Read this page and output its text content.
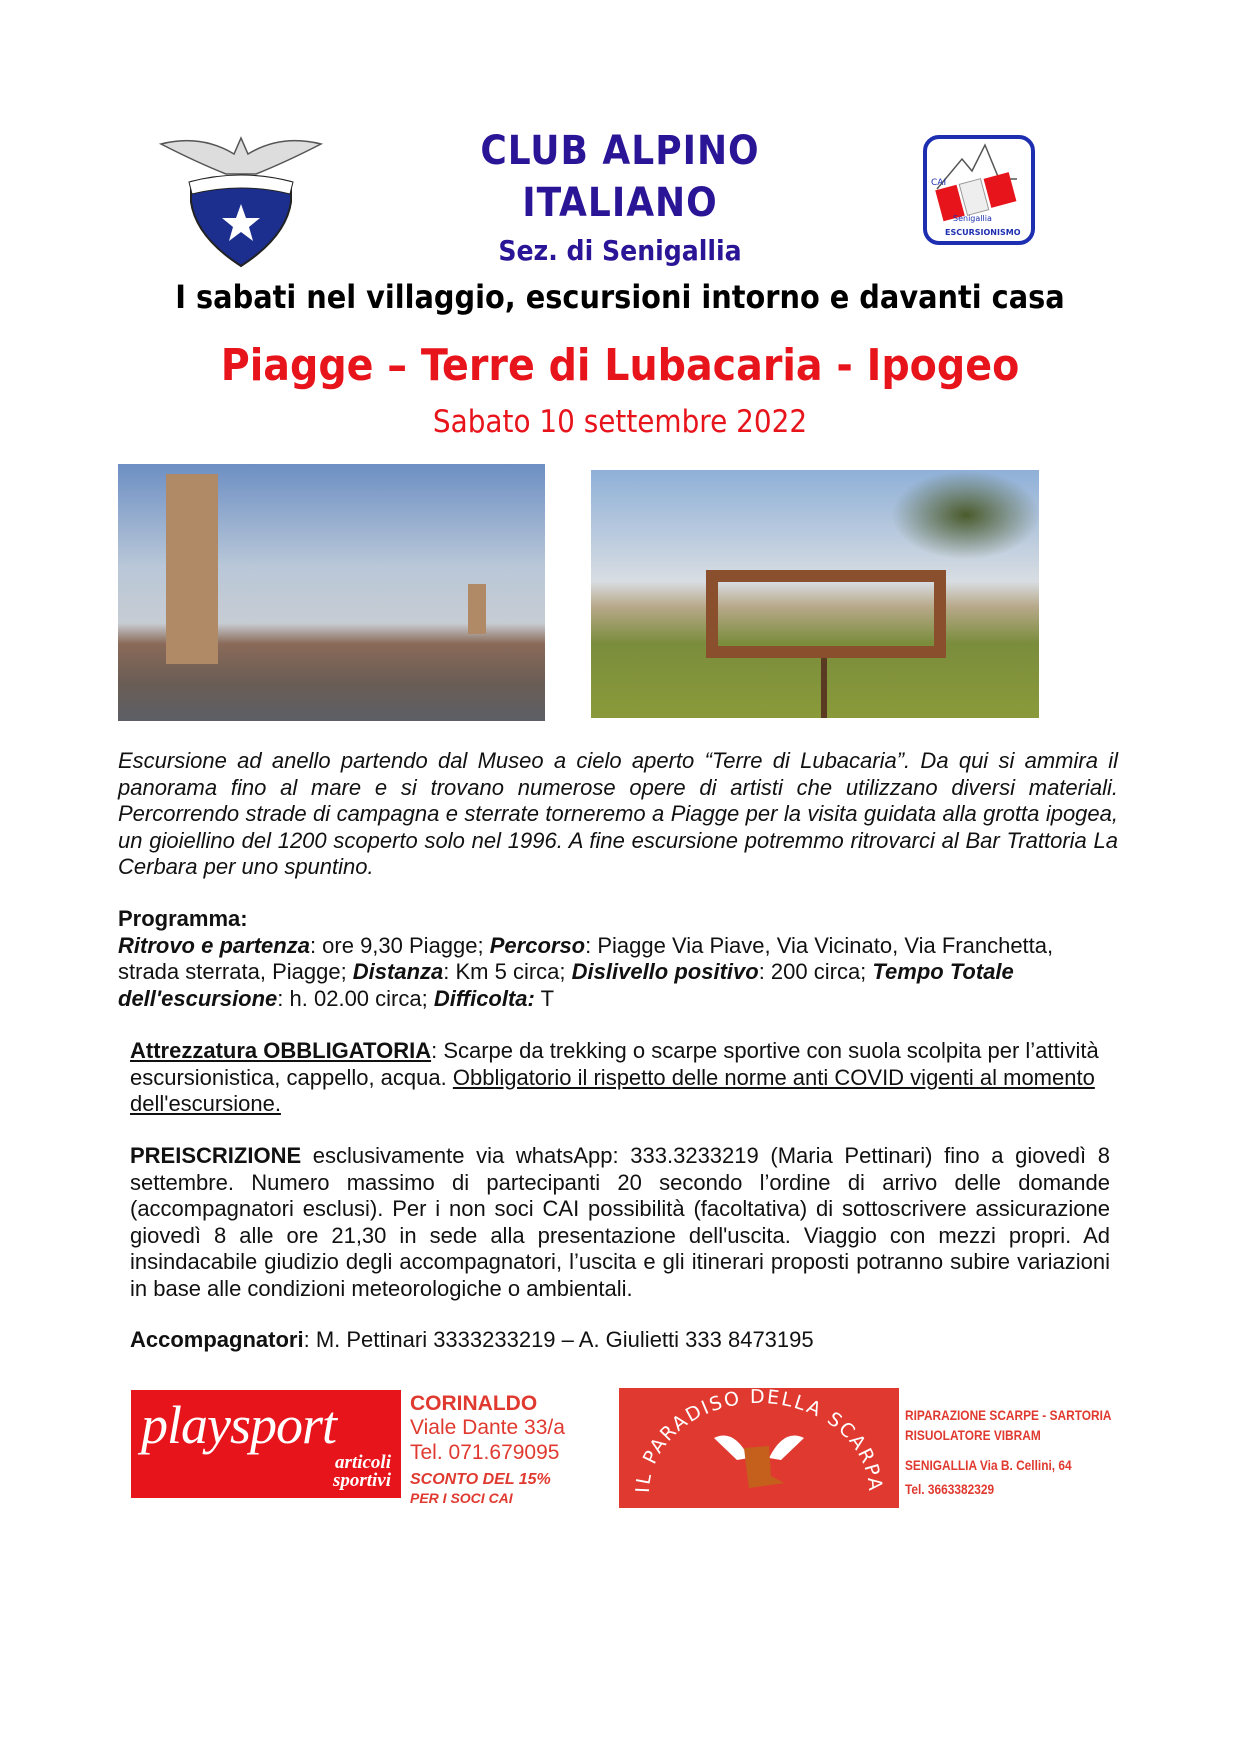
CAI
Senigallia
ESCURSIONISMO
CLUB ALPINO
ITALIANO
Sez. di Senigallia
I sabati nel villaggio, escursioni intorno e davanti casa
Piagge – Terre di Lubacaria - Ipogeo
Sabato 10 settembre 2022
Escursione ad anello partendo dal Museo a cielo aperto “Terre di Lubacaria”. Da qui si ammira il panorama fino al mare e si trovano numerose opere di artisti che utilizzano diversi materiali. Percorrendo strade di campagna e sterrate torneremo a Piagge per la visita guidata alla grotta ipogea, un gioiellino del 1200 scoperto solo nel 1996. A fine escursione potremmo ritrovarci al Bar Trattoria La Cerbara per uno spuntino.
Programma:
Ritrovo e partenza: ore 9,30 Piagge; Percorso: Piagge Via Piave, Via Vicinato, Via Franchetta, strada sterrata, Piagge; Distanza: Km 5 circa; Dislivello positivo: 200 circa; Tempo Totale dell'escursione: h. 02.00 circa; Difficolta: T
Attrezzatura OBBLIGATORIA: Scarpe da trekking o scarpe sportive con suola scolpita per l’attività escursionistica, cappello, acqua. Obbligatorio il rispetto delle norme anti COVID vigenti al momento dell'escursione.
PREISCRIZIONE esclusivamente via whatsApp: 333.3233219 (Maria Pettinari) fino a giovedì 8 settembre. Numero massimo di partecipanti 20 secondo l’ordine di arrivo delle domande (accompagnatori esclusi). Per i non soci CAI possibilità (facoltativa) di sottoscrivere assicurazione giovedì 8 alle ore 21,30 in sede alla presentazione dell'uscita. Viaggio con mezzi propri. Ad insindacabile giudizio degli accompagnatori, l’uscita e gli itinerari proposti potranno subire variazioni in base alle condizioni meteorologiche o ambientali.
Accompagnatori: M. Pettinari 3333233219 – A. Giulietti 333 8473195
playsport
articoli
sportivi
CORINALDO
Viale Dante 33/a
Tel. 071.679095
SCONTO DEL 15%
PER I SOCI CAI
IL PARADISO DELLA SCARPA
RIPARAZIONE SCARPE - SARTORIA
RISUOLATORE VIBRAM
SENIGALLIA Via B. Cellini, 64
Tel. 3663382329
